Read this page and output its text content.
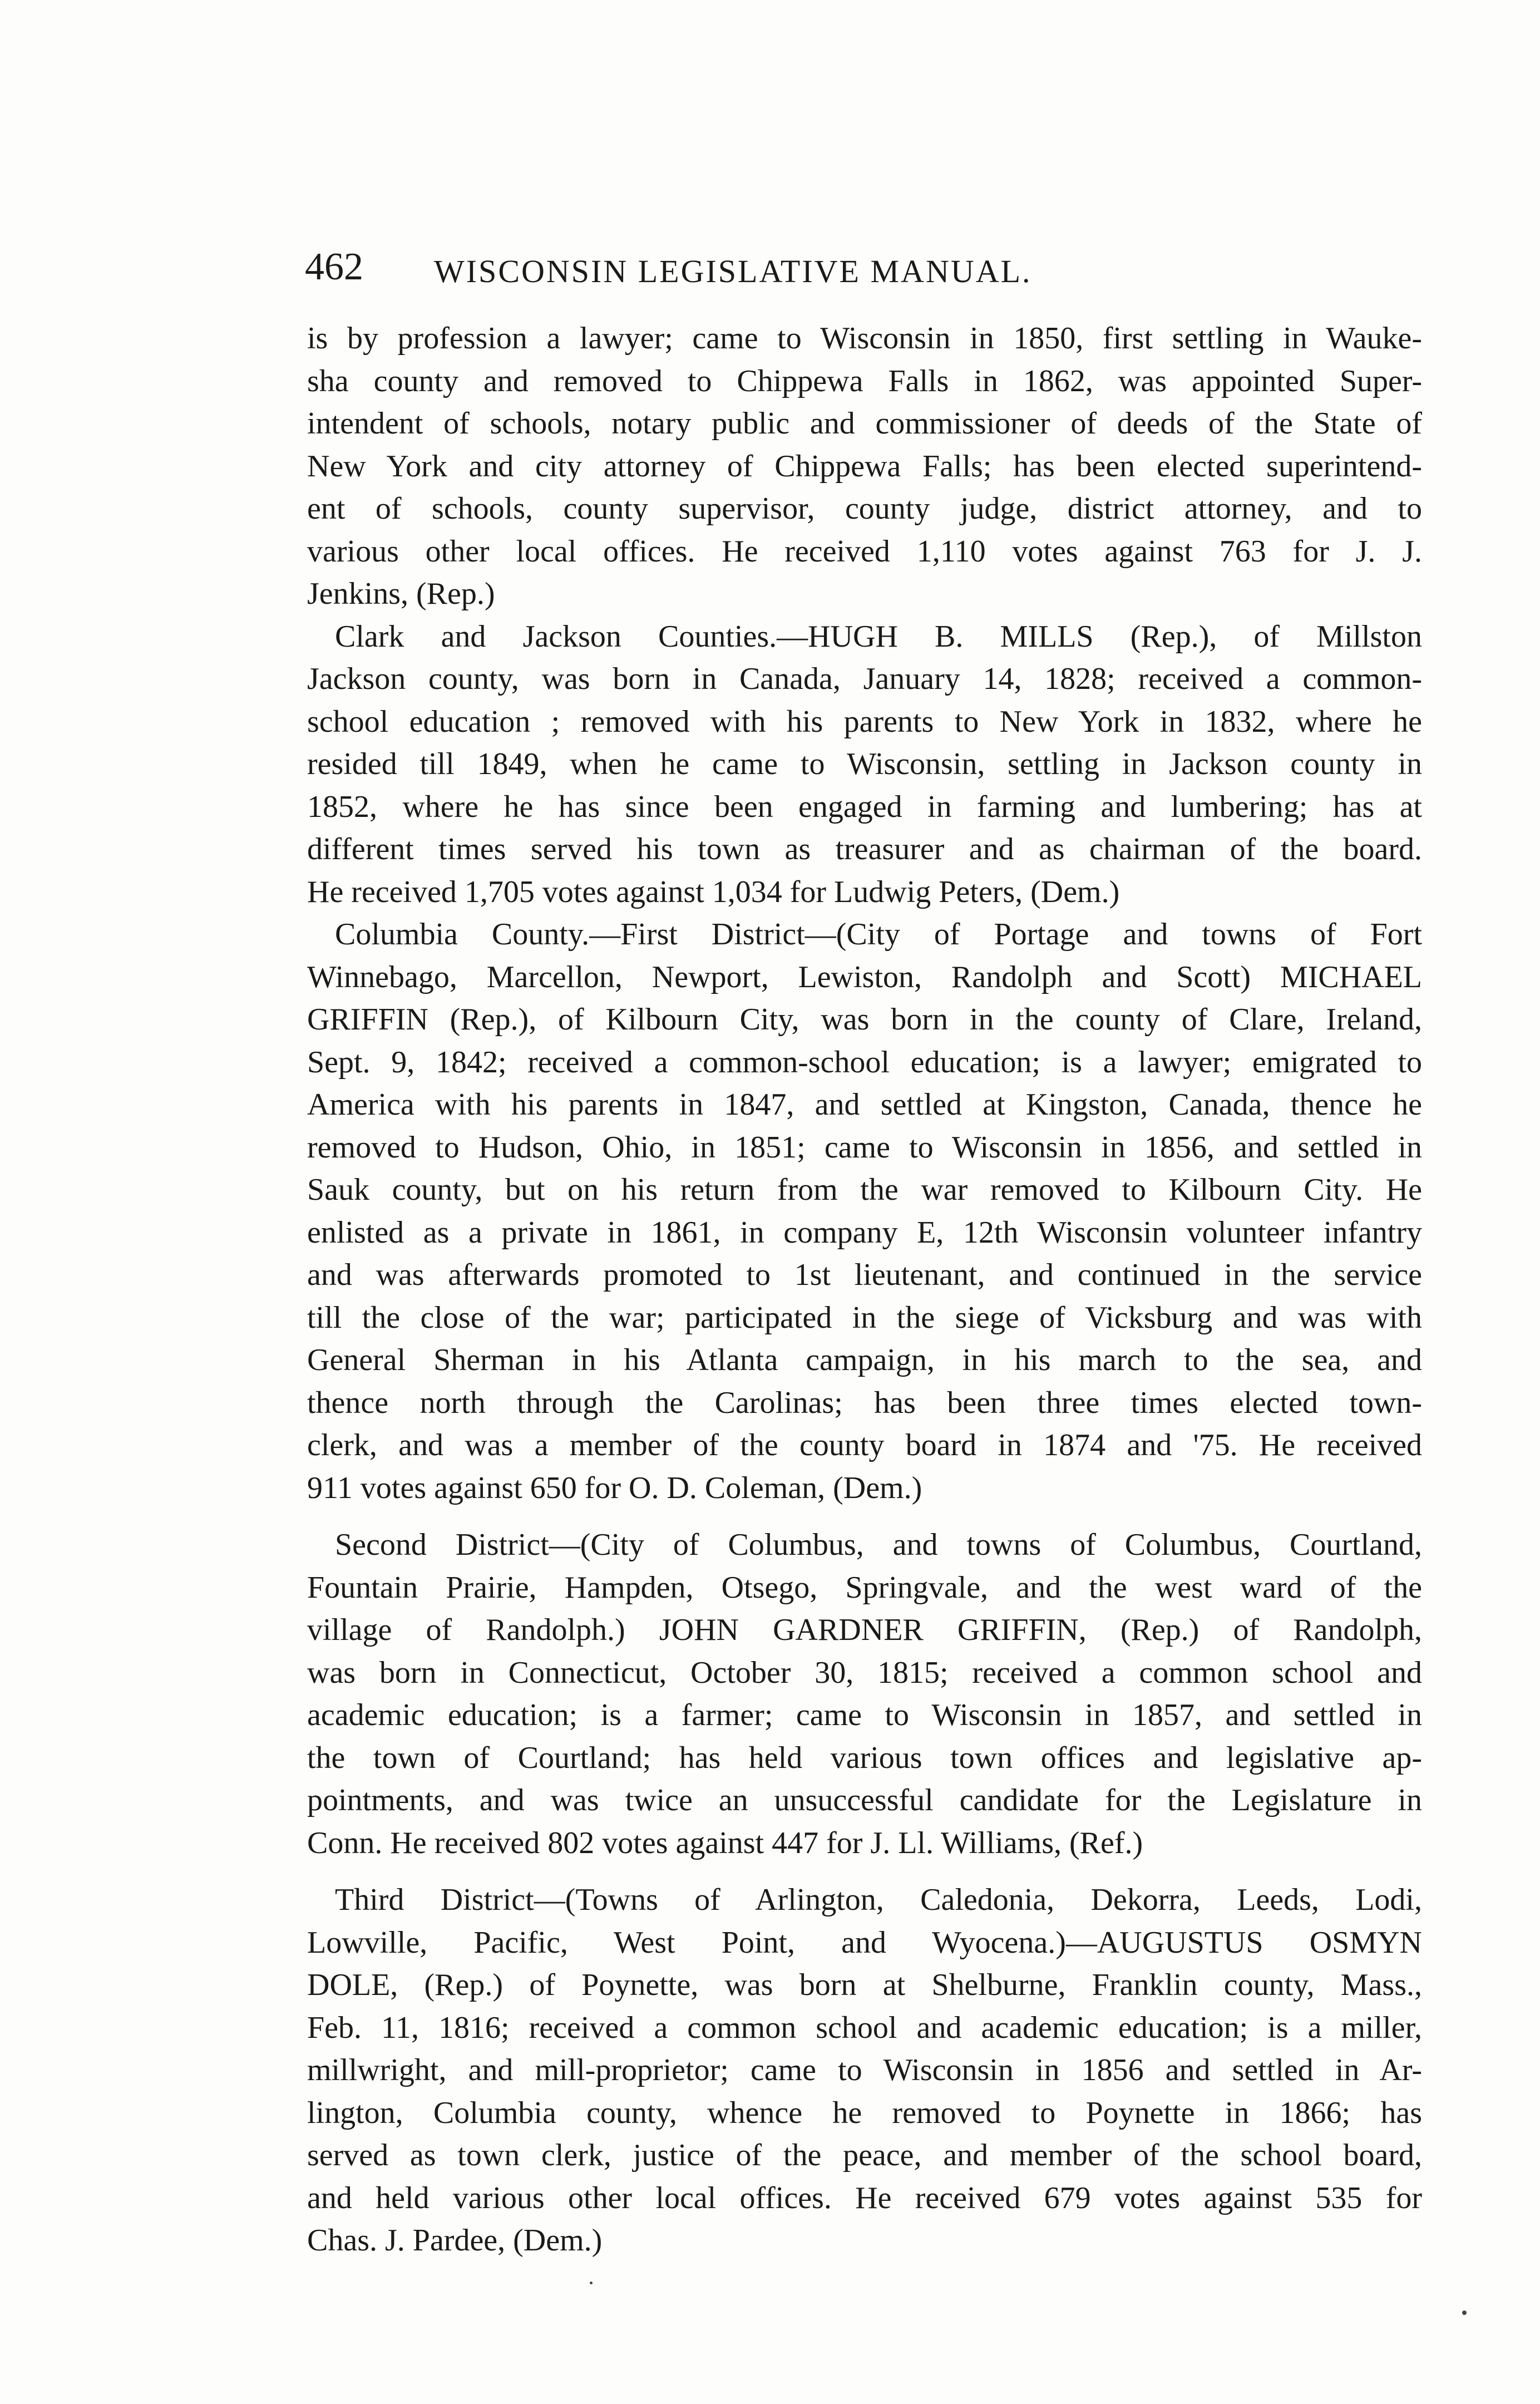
462 WISCONSIN LEGISLATIVE MANUAL.
is by profession a lawyer; came to Wisconsin in 1850, first settling in Wauke-
sha county and removed to Chippewa Falls in 1862, was appointed Super-
intendent of schools, notary public and commissioner of deeds of the State of
New York and city attorney of Chippewa Falls; has been elected superintend-
ent of schools, county supervisor, county judge, district attorney, and to
various other local offices. He received 1,110 votes against 763 for J. J.
Jenkins, (Rep.)
Clark and Jackson Counties.—HUGH B. MILLS (Rep.), of Millston
Jackson county, was born in Canada, January 14, 1828; received a common-
school education ; removed with his parents to New York in 1832, where he
resided till 1849, when he came to Wisconsin, settling in Jackson county in
1852, where he has since been engaged in farming and lumbering; has at
different times served his town as treasurer and as chairman of the board.
He received 1,705 votes against 1,034 for Ludwig Peters, (Dem.)
Columbia County.—First District—(City of Portage and towns of Fort
Winnebago, Marcellon, Newport, Lewiston, Randolph and Scott) MICHAEL
GRIFFIN (Rep.), of Kilbourn City, was born in the county of Clare, Ireland,
Sept. 9, 1842; received a common-school education; is a lawyer; emigrated to
America with his parents in 1847, and settled at Kingston, Canada, thence he
removed to Hudson, Ohio, in 1851; came to Wisconsin in 1856, and settled in
Sauk county, but on his return from the war removed to Kilbourn City. He
enlisted as a private in 1861, in company E, 12th Wisconsin volunteer infantry
and was afterwards promoted to 1st lieutenant, and continued in the service
till the close of the war; participated in the siege of Vicksburg and was with
General Sherman in his Atlanta campaign, in his march to the sea, and
thence north through the Carolinas; has been three times elected town-
clerk, and was a member of the county board in 1874 and '75. He received
911 votes against 650 for O. D. Coleman, (Dem.)
Second District—(City of Columbus, and towns of Columbus, Courtland,
Fountain Prairie, Hampden, Otsego, Springvale, and the west ward of the
village of Randolph.) JOHN GARDNER GRIFFIN, (Rep.) of Randolph,
was born in Connecticut, October 30, 1815; received a common school and
academic education; is a farmer; came to Wisconsin in 1857, and settled in
the town of Courtland; has held various town offices and legislative ap-
pointments, and was twice an unsuccessful candidate for the Legislature in
Conn. He received 802 votes against 447 for J. Ll. Williams, (Ref.)
Third District—(Towns of Arlington, Caledonia, Dekorra, Leeds, Lodi,
Lowville, Pacific, West Point, and Wyocena.)—AUGUSTUS OSMYN
DOLE, (Rep.) of Poynette, was born at Shelburne, Franklin county, Mass.,
Feb. 11, 1816; received a common school and academic education; is a miller,
millwright, and mill-proprietor; came to Wisconsin in 1856 and settled in Ar-
lington, Columbia county, whence he removed to Poynette in 1866; has
served as town clerk, justice of the peace, and member of the school board,
and held various other local offices. He received 679 votes against 535 for
Chas. J. Pardee, (Dem.)
